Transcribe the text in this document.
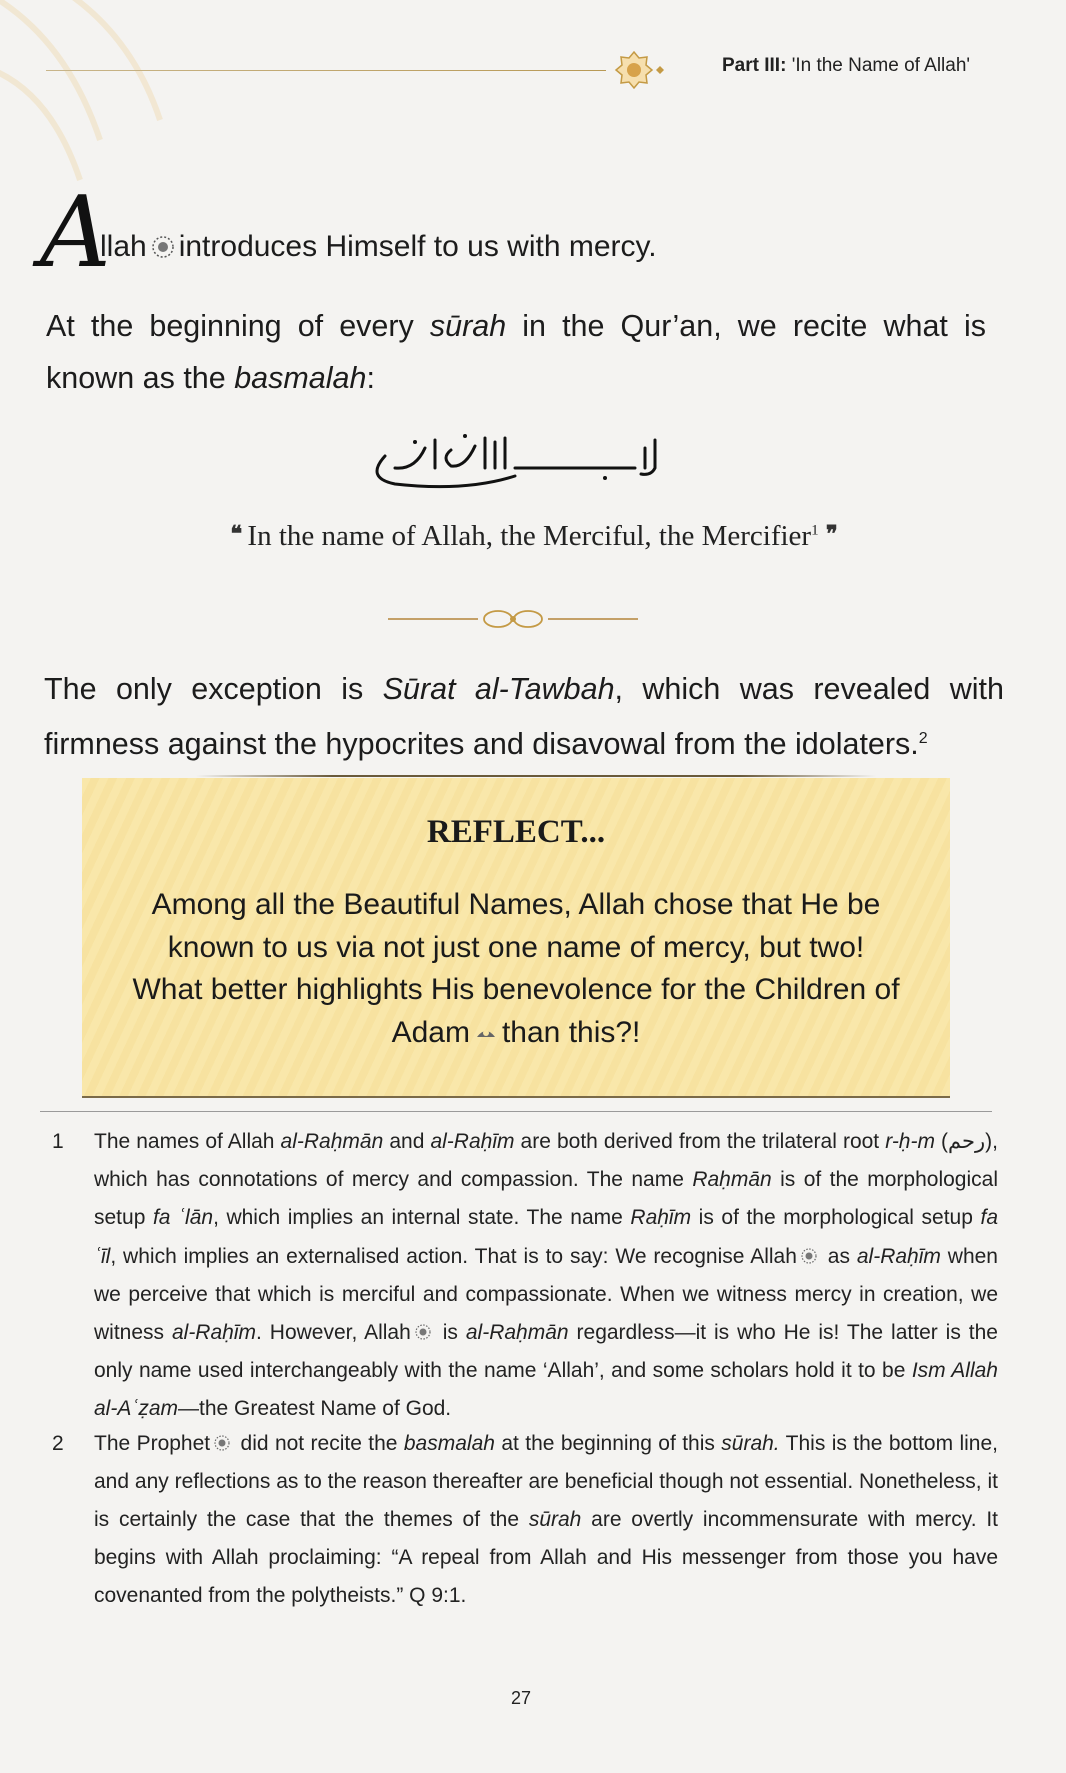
Part III: 'In the Name of Allah'
A
llah introduces Himself to us with mercy.

At the beginning of every sūrah in the Qur’an, we recite what is known as the basmalah:

❝ In the name of Allah, the Merciful, the Mercifier$^1$ ❞

The only exception is Sūrat al-Tawbah, which was revealed with firmness against the hypocrites and disavowal from the idolaters.$^2$

REFLECT...
Among all the Beautiful Names, Allah chose that He be known to us via not just one name of mercy, but two! What better highlights His benevolence for the Children of Adam than this?!
1 The names of Allah al-Raḥmān and al-Raḥīm are both derived from the trilateral root r-ḥ-m (رحم), which has connotations of mercy and compassion. The name Raḥmān is of the morphological setup fa ʿlān, which implies an internal state. The name Raḥīm is of the morphological setup fa ʿīl, which implies an externalised action. That is to say: We recognise Allah as al-Raḥīm when we perceive that which is merciful and compassionate. When we witness mercy in creation, we witness al-Raḥīm. However, Allah is al-Raḥmān regardless—it is who He is! The latter is the only name used interchangeably with the name ‘Allah’, and some scholars hold it to be Ism Allah al-Aʿẓam—the Greatest Name of God.
2 The Prophet did not recite the basmalah at the beginning of this sūrah. This is the bottom line, and any reflections as to the reason thereafter are beneficial though not essential. Nonetheless, it is certainly the case that the themes of the sūrah are overtly incommensurate with mercy. It begins with Allah proclaiming: “A repeal from Allah and His messenger from those you have covenanted from the polytheists.” Q 9:1.
27
